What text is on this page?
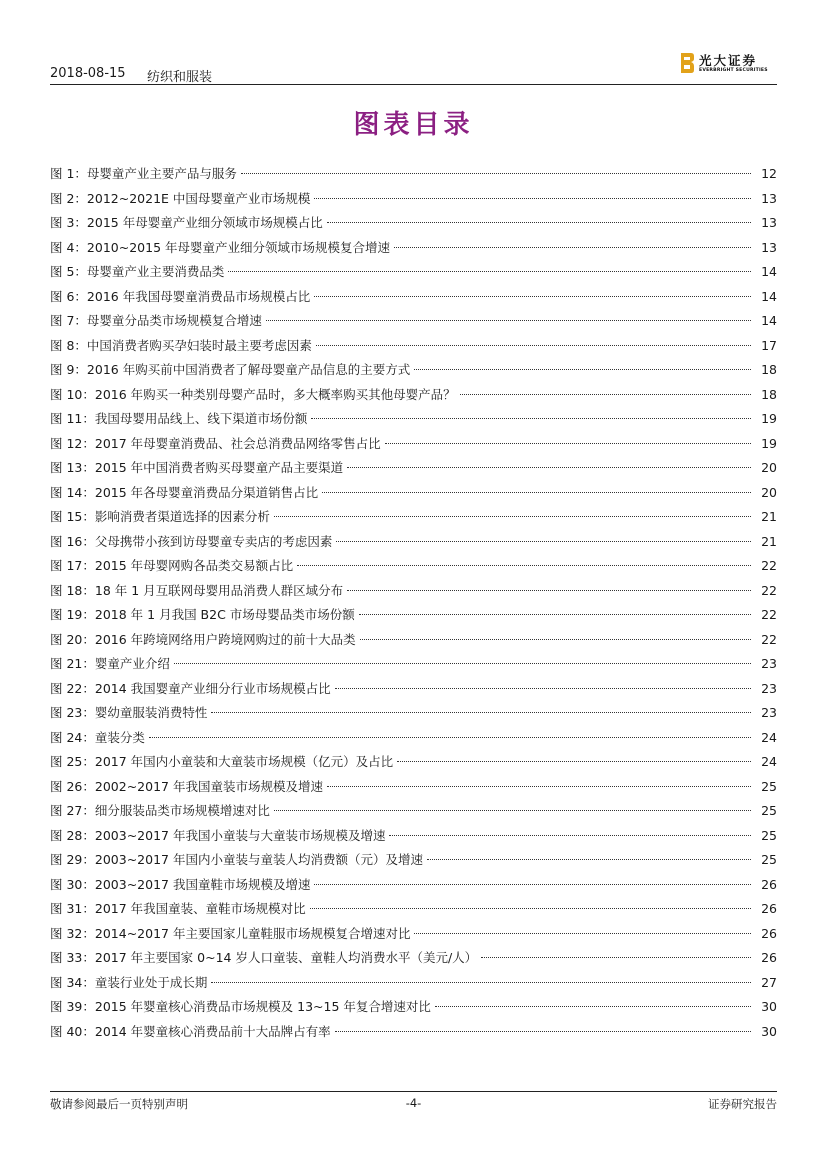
2018-08-15 纺织和服装
光大证券
EVERBRIGHT SECURITIES
图表目录
图 1：母婴童产业主要产品与服务	12
图 2：2012~2021E 中国母婴童产业市场规模	13
图 3：2015 年母婴童产业细分领域市场规模占比	13
图 4：2010~2015 年母婴童产业细分领域市场规模复合增速	13
图 5：母婴童产业主要消费品类	14
图 6：2016 年我国母婴童消费品市场规模占比	14
图 7：母婴童分品类市场规模复合增速	14
图 8：中国消费者购买孕妇装时最主要考虑因素	17
图 9：2016 年购买前中国消费者了解母婴童产品信息的主要方式	18
图 10：2016 年购买一种类别母婴产品时，多大概率购买其他母婴产品？	18
图 11：我国母婴用品线上、线下渠道市场份额	19
图 12：2017 年母婴童消费品、社会总消费品网络零售占比	19
图 13：2015 年中国消费者购买母婴童产品主要渠道	20
图 14：2015 年各母婴童消费品分渠道销售占比	20
图 15：影响消费者渠道选择的因素分析	21
图 16：父母携带小孩到访母婴童专卖店的考虑因素	21
图 17：2015 年母婴网购各品类交易额占比	22
图 18：18 年 1 月互联网母婴用品消费人群区域分布	22
图 19：2018 年 1 月我国 B2C 市场母婴品类市场份额	22
图 20：2016 年跨境网络用户跨境网购过的前十大品类	22
图 21：婴童产业介绍	23
图 22：2014 我国婴童产业细分行业市场规模占比	23
图 23：婴幼童服装消费特性	23
图 24：童装分类	24
图 25：2017 年国内小童装和大童装市场规模（亿元）及占比	24
图 26：2002~2017 年我国童装市场规模及增速	25
图 27：细分服装品类市场规模增速对比	25
图 28：2003~2017 年我国小童装与大童装市场规模及增速	25
图 29：2003~2017 年国内小童装与童装人均消费额（元）及增速	25
图 30：2003~2017 我国童鞋市场规模及增速	26
图 31：2017 年我国童装、童鞋市场规模对比	26
图 32：2014~2017 年主要国家儿童鞋服市场规模复合增速对比	26
图 33：2017 年主要国家 0~14 岁人口童装、童鞋人均消费水平（美元/人）	26
图 34：童装行业处于成长期	27
图 39：2015 年婴童核心消费品市场规模及 13~15 年复合增速对比	30
图 40：2014 年婴童核心消费品前十大品牌占有率	30
敬请参阅最后一页特别声明	-4-	证券研究报告
